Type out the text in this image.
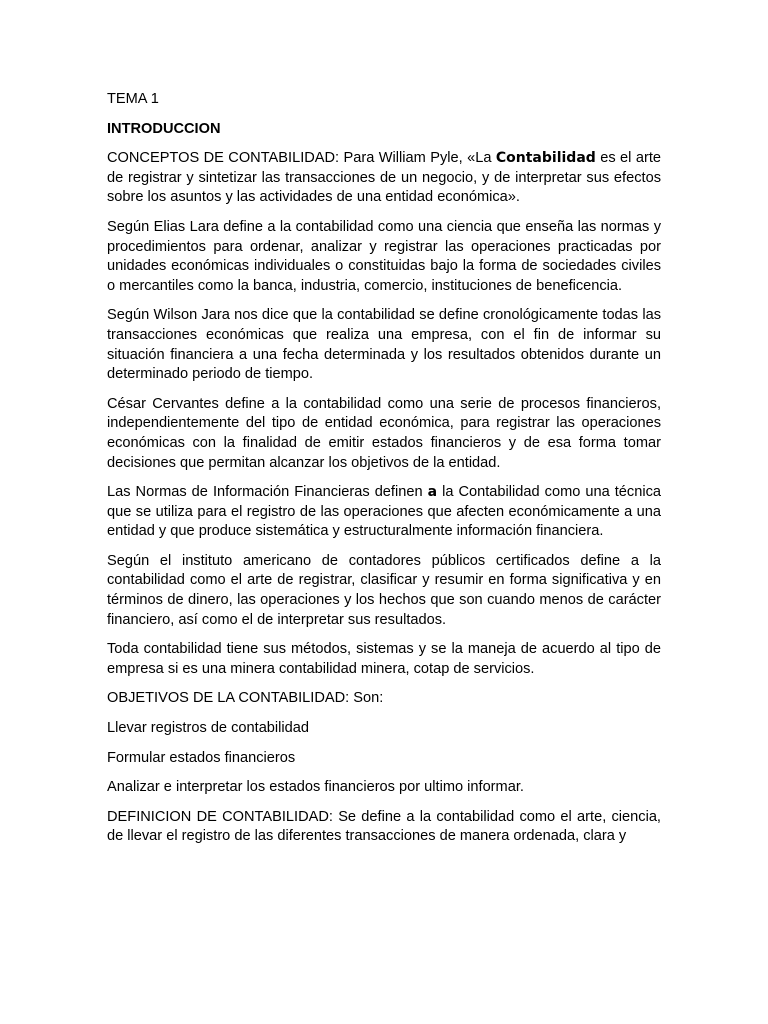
TEMA 1

INTRODUCCION

CONCEPTOS DE CONTABILIDAD: Para William Pyle, «La Contabilidad es el arte de registrar y sintetizar las transacciones de un negocio, y de interpretar sus efectos sobre los asuntos y las actividades de una entidad económica».

Según Elias Lara define a la contabilidad como una ciencia que enseña las normas y procedimientos para ordenar, analizar y registrar las operaciones practicadas por unidades económicas individuales o constituidas bajo la forma de sociedades civiles o mercantiles como la banca, industria, comercio, instituciones de beneficencia.

Según Wilson Jara nos dice que la contabilidad se define cronológicamente todas las transacciones económicas que realiza una empresa, con el fin de informar su situación financiera a una fecha determinada y los resultados obtenidos durante un determinado periodo de tiempo.

César Cervantes define a la contabilidad como una serie de procesos financieros, independientemente del tipo de entidad económica, para registrar las operaciones económicas con la finalidad de emitir estados financieros y de esa forma tomar decisiones que permitan alcanzar los objetivos de la entidad.

Las Normas de Información Financieras definen a la Contabilidad como una técnica que se utiliza para el registro de las operaciones que afecten económicamente a una entidad y que produce sistemática y estructuralmente información financiera.

Según el instituto americano de contadores públicos certificados define a la contabilidad como el arte de registrar, clasificar y resumir en forma significativa y en términos de dinero, las operaciones y los hechos que son cuando menos de carácter financiero, así como el de interpretar sus resultados.

Toda contabilidad tiene sus métodos, sistemas y se la maneja de acuerdo al tipo de empresa si es una minera contabilidad minera, cotap de servicios.

OBJETIVOS DE LA CONTABILIDAD: Son:

Llevar registros de contabilidad

Formular estados financieros

Analizar e interpretar los estados financieros por ultimo informar.

DEFINICION DE CONTABILIDAD: Se define a la contabilidad como el arte, ciencia, de llevar el registro de las diferentes transacciones de manera ordenada, clara y
